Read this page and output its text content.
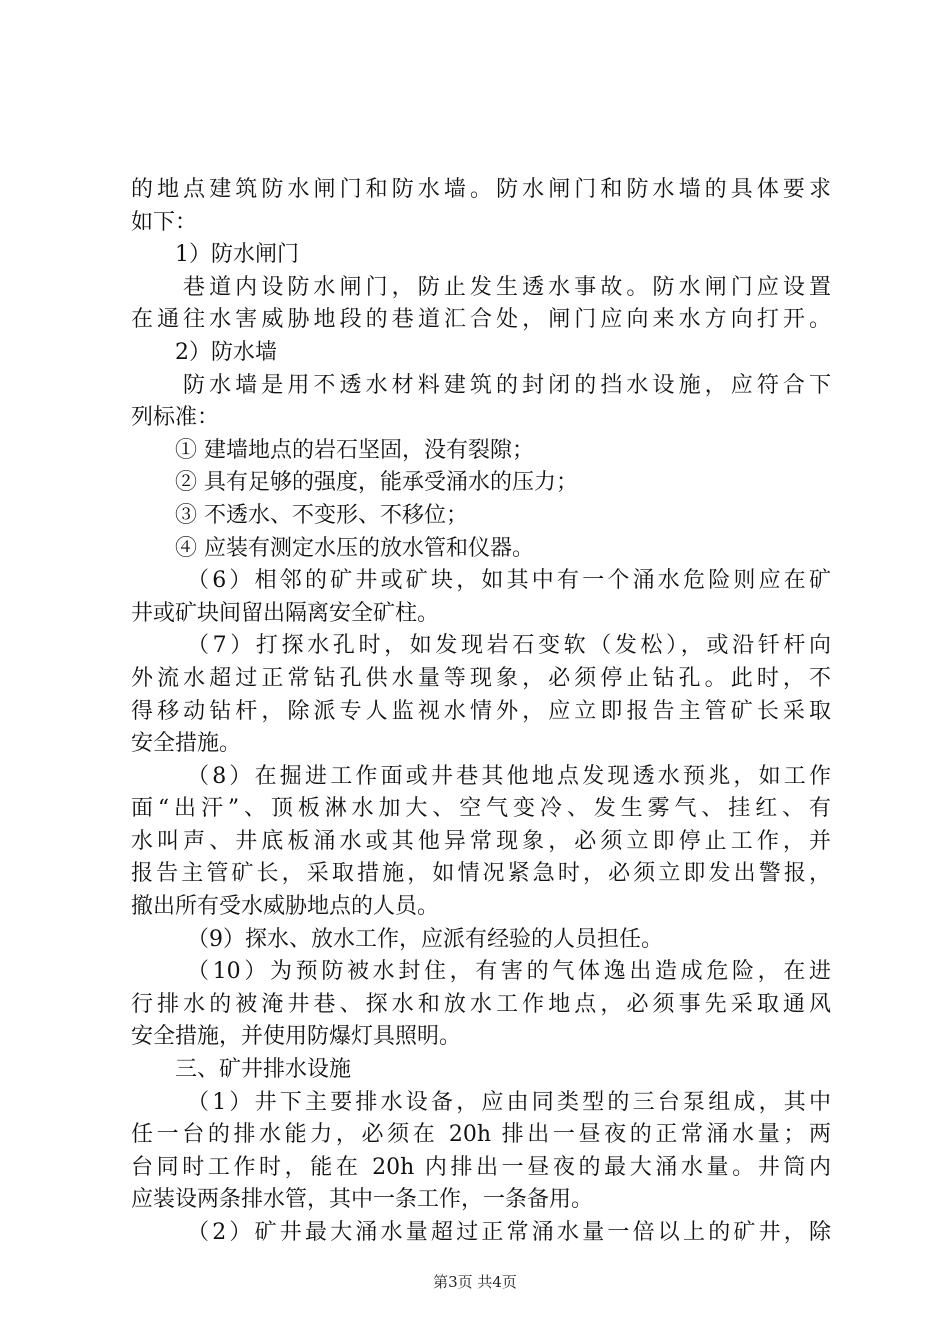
的地点建筑防水闸门和防水墙。防水闸门和防水墙的具体要求
如下：
1）防水闸门
巷道内设防水闸门，防止发生透水事故。防水闸门应设置
在通往水害威胁地段的巷道汇合处，闸门应向来水方向打开。
2）防水墙
防水墙是用不透水材料建筑的封闭的挡水设施，应符合下
列标准：
① 建墙地点的岩石坚固，没有裂隙；
② 具有足够的强度，能承受涌水的压力；
③ 不透水、不变形、不移位；
④ 应装有测定水压的放水管和仪器。
（6）相邻的矿井或矿块，如其中有一个涌水危险则应在矿
井或矿块间留出隔离安全矿柱。
（7）打探水孔时，如发现岩石变软（发松），或沿钎杆向
外流水超过正常钻孔供水量等现象，必须停止钻孔。此时，不
得移动钻杆，除派专人监视水情外，应立即报告主管矿长采取
安全措施。
（8）在掘进工作面或井巷其他地点发现透水预兆，如工作
面“出汗”、顶板淋水加大、空气变冷、发生雾气、挂红、有
水叫声、井底板涌水或其他异常现象，必须立即停止工作，并
报告主管矿长，采取措施，如情况紧急时，必须立即发出警报，
撤出所有受水威胁地点的人员。
（9）探水、放水工作，应派有经验的人员担任。
（10）为预防被水封住，有害的气体逸出造成危险，在进
行排水的被淹井巷、探水和放水工作地点，必须事先采取通风
安全措施，并使用防爆灯具照明。
三、矿井排水设施
（1）井下主要排水设备，应由同类型的三台泵组成，其中
任一台的排水能力，必须在 20h 排出一昼夜的正常涌水量；两
台同时工作时，能在 20h 内排出一昼夜的最大涌水量。井筒内
应装设两条排水管，其中一条工作，一条备用。
（2）矿井最大涌水量超过正常涌水量一倍以上的矿井，除
第3页 共4页
